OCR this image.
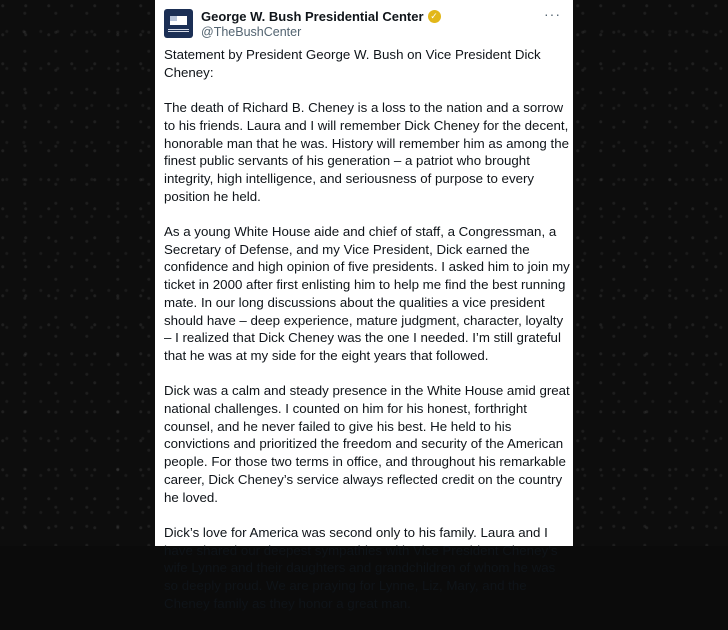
George W. Bush Presidential Center ✓
@TheBushCenter
···

Statement by President George W. Bush on Vice President Dick Cheney:

The death of Richard B. Cheney is a loss to the nation and a sorrow to his friends. Laura and I will remember Dick Cheney for the decent, honorable man that he was. History will remember him as among the finest public servants of his generation – a patriot who brought integrity, high intelligence, and seriousness of purpose to every position he held.

As a young White House aide and chief of staff, a Congressman, a Secretary of Defense, and my Vice President, Dick earned the confidence and high opinion of five presidents. I asked him to join my ticket in 2000 after first enlisting him to help me find the best running mate. In our long discussions about the qualities a vice president should have – deep experience, mature judgment, character, loyalty – I realized that Dick Cheney was the one I needed. I’m still grateful that he was at my side for the eight years that followed.

Dick was a calm and steady presence in the White House amid great national challenges. I counted on him for his honest, forthright counsel, and he never failed to give his best. He held to his convictions and prioritized the freedom and security of the American people. For those two terms in office, and throughout his remarkable career, Dick Cheney’s service always reflected credit on the country he loved.

Dick’s love for America was second only to his family. Laura and I have shared our deepest sympathies with Vice President Cheney’s wife Lynne and their daughters and grandchildren of whom he was so deeply proud. We are praying for Lynne, Liz, Mary, and the Cheney family as they honor a great man.
